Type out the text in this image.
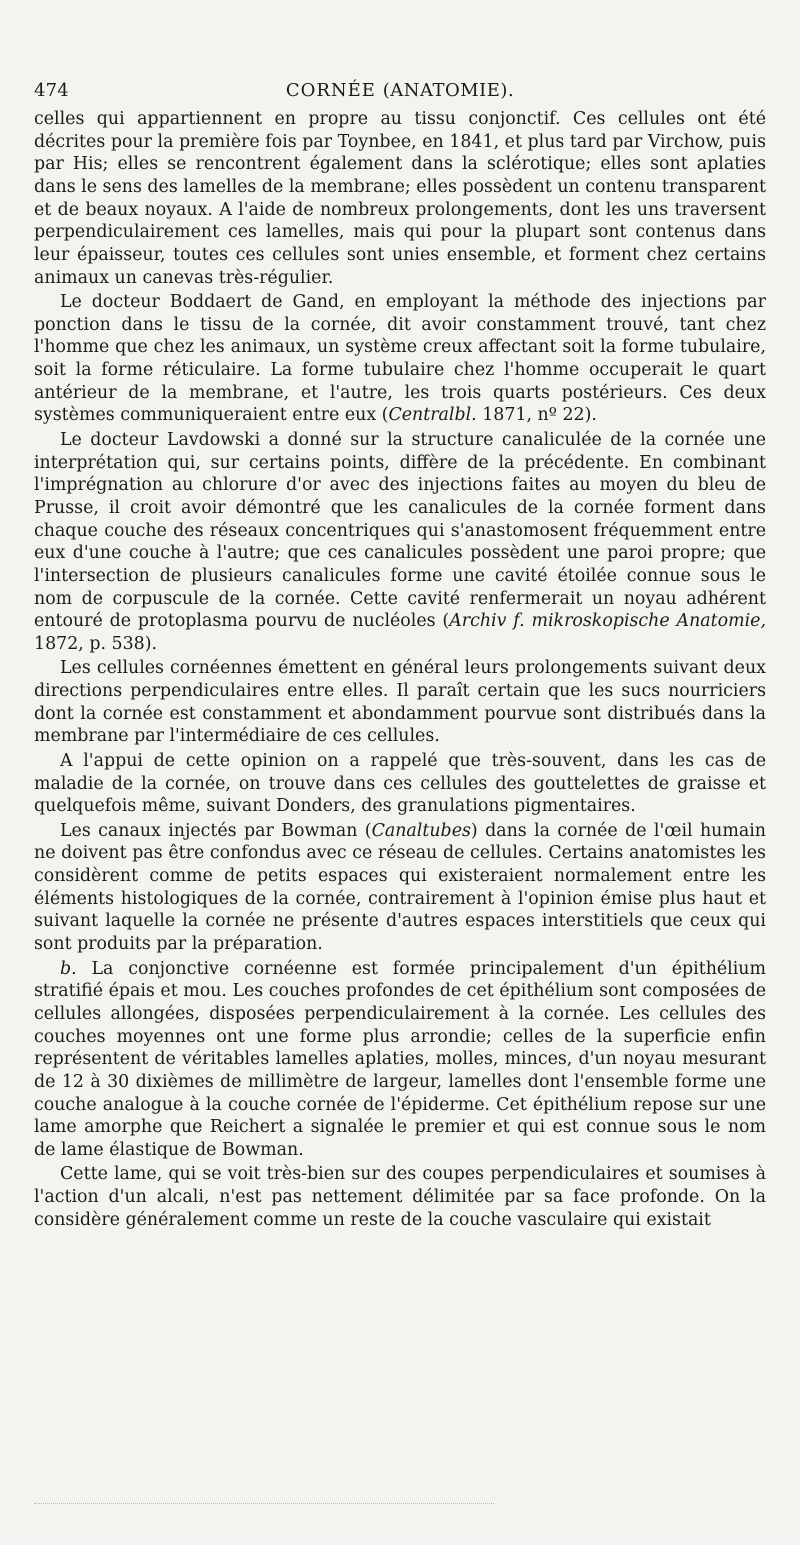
474	CORNÉE (ANATOMIE).

celles qui appartiennent en propre au tissu conjonctif. Ces cellules ont été décrites pour la première fois par Toynbee, en 1841, et plus tard par Virchow, puis par His; elles se rencontrent également dans la sclérotique; elles sont aplaties dans le sens des lamelles de la membrane; elles possèdent un contenu transparent et de beaux noyaux. A l'aide de nombreux prolongements, dont les uns traversent perpendiculairement ces lamelles, mais qui pour la plupart sont contenus dans leur épaisseur, toutes ces cellules sont unies ensemble, et forment chez certains animaux un canevas très-régulier.

Le docteur Boddaert de Gand, en employant la méthode des injections par ponction dans le tissu de la cornée, dit avoir constamment trouvé, tant chez l'homme que chez les animaux, un système creux affectant soit la forme tubulaire, soit la forme réticulaire. La forme tubulaire chez l'homme occuperait le quart antérieur de la membrane, et l'autre, les trois quarts postérieurs. Ces deux systèmes communiqueraient entre eux (Centralbl. 1871, nº 22).

Le docteur Lavdowski a donné sur la structure canaliculée de la cornée une interprétation qui, sur certains points, diffère de la précédente. En combinant l'imprégnation au chlorure d'or avec des injections faites au moyen du bleu de Prusse, il croit avoir démontré que les canalicules de la cornée forment dans chaque couche des réseaux concentriques qui s'anastomosent fréquemment entre eux d'une couche à l'autre; que ces canalicules possèdent une paroi propre; que l'intersection de plusieurs canalicules forme une cavité étoilée connue sous le nom de corpuscule de la cornée. Cette cavité renfermerait un noyau adhérent entouré de protoplasma pourvu de nucléoles (Archiv f. mikroskopische Anatomie, 1872, p. 538).

Les cellules cornéennes émettent en général leurs prolongements suivant deux directions perpendiculaires entre elles. Il paraît certain que les sucs nourriciers dont la cornée est constamment et abondamment pourvue sont distribués dans la membrane par l'intermédiaire de ces cellules.

A l'appui de cette opinion on a rappelé que très-souvent, dans les cas de maladie de la cornée, on trouve dans ces cellules des gouttelettes de graisse et quelquefois même, suivant Donders, des granulations pigmentaires.

Les canaux injectés par Bowman (Canaltubes) dans la cornée de l'œil humain ne doivent pas être confondus avec ce réseau de cellules. Certains anatomistes les considèrent comme de petits espaces qui existeraient normalement entre les éléments histologiques de la cornée, contrairement à l'opinion émise plus haut et suivant laquelle la cornée ne présente d'autres espaces interstitiels que ceux qui sont produits par la préparation.

b. La conjonctive cornéenne est formée principalement d'un épithélium stratifié épais et mou. Les couches profondes de cet épithélium sont composées de cellules allongées, disposées perpendiculairement à la cornée. Les cellules des couches moyennes ont une forme plus arrondie; celles de la superficie enfin représentent de véritables lamelles aplaties, molles, minces, d'un noyau mesurant de 12 à 30 dixièmes de millimètre de largeur, lamelles dont l'ensemble forme une couche analogue à la couche cornée de l'épiderme. Cet épithélium repose sur une lame amorphe que Reichert a signalée le premier et qui est connue sous le nom de lame élastique de Bowman.

Cette lame, qui se voit très-bien sur des coupes perpendiculaires et soumises à l'action d'un alcali, n'est pas nettement délimitée par sa face profonde. On la considère généralement comme un reste de la couche vasculaire qui existait
